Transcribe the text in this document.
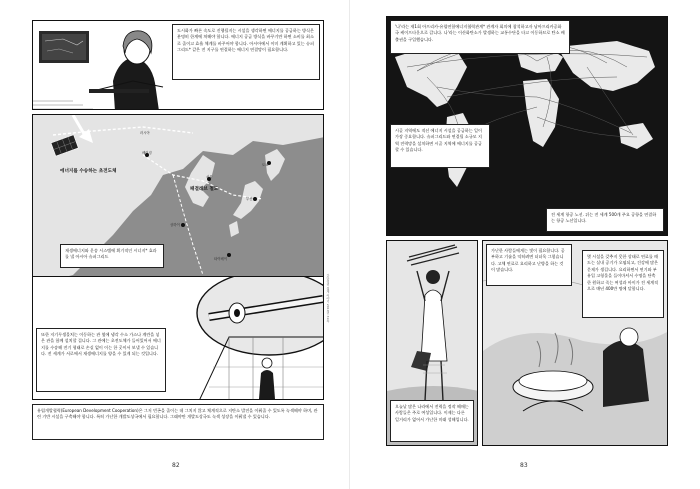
도시화가 빠른 속도로 진행될지는 시설을 생각하면 에너지를 공급하는 방식은 분명히 한계에 처해야 합니다. 에너지 공급 방식을 바꾸기만 하면 소비를 최소로 줄이고 효율 체계를 바꾸어야 합니다. 아시아에서 이미 계획하고 있는 슈퍼그리드* 같은 전 지구를 연결하는 에너지 연결망이 필요합니다.
에너지를 수송하는 초전도체
패결레브 철도
러시아
베이징
서울
도쿄
부산
상하이
타이베이
재생에너지와 운송 시스템에 획기적인 시너지* 효과를 낼 아시아 슈퍼그리드
또한 저기무생물처는 이동하는 관 옆에 냉각 수소 가스나 계란을 넣은 관을 함께 설치할 겁니다. 그 관에는 초전도체가 들어있어서 에너지를 수송해 전기 형태로 손실 없이 이는 한 곳이서 보낼 수 있습니다. 전 세계가 서로에서 재생에너지를 양을 수 있게 되는 것입니다.
간단정리 쉽게 이야기 2010년 31쪽
유럽개발협력(European Development Cooperation)은 그저 빈곤을 줄이는 데 그치지 않고 체계적으로 저탄소 발전을 이뤄줄 수 있도록 녹색해야 하며, 관련 기반 시설을 구축해야 합니다. 특히 가난한 개발도상국에서 필요합니다. 그래야만 개발도상국도 녹색 성장을 이뤄낼 수 있습니다.
82
'나'라는 제1회 아프리카-유럽연합에너지협력관계* 관계자 회의에 참석하고자 남아프리카공화국 케이프타운으로 갑니다. 나'라는 이산화탄소가 발생하는 교통수단을 타고 이동하므로 탄소 배출권을 구입했습니다.
시골 지역에도 적선 에너지 시설을 공급하는 일이 가장 중요합니다. 슈퍼그리드와 연결될 소규모 지역 전력망을 설치하면 시골 지역에 에너지를 공급할 수 있습니다.
전 세계 항공 노선. 뒤는 전 세계 500개 주요 공항을 연결하는 항공 노선입니다.
오늘날 많은 나라에서 전력을 정작 해매는 사람들은 주로 여성입니다. 이제는 다른 일거리가 없어서 가난한 미래 성해입니다.
가난한 사람들에게는 빛이 필요합니다. 공부하고 기술을 익히려면 더더욱 그렇습니다. 고체 연료로 요리하고 난방을 하는 것이 많습니다.
몇 시설을 갖추지 못한 상태로 연료를 때드는 실내 공기가 오염되고, 건강에 많은 문제가 생깁니다. 요리하면서 연기와 부유입 고형물을 들이마셔서 수명을 단축한 원하고 죽는 여성과 아이가 전 세계적으로 매년 400만 명에 달합니다.
83
